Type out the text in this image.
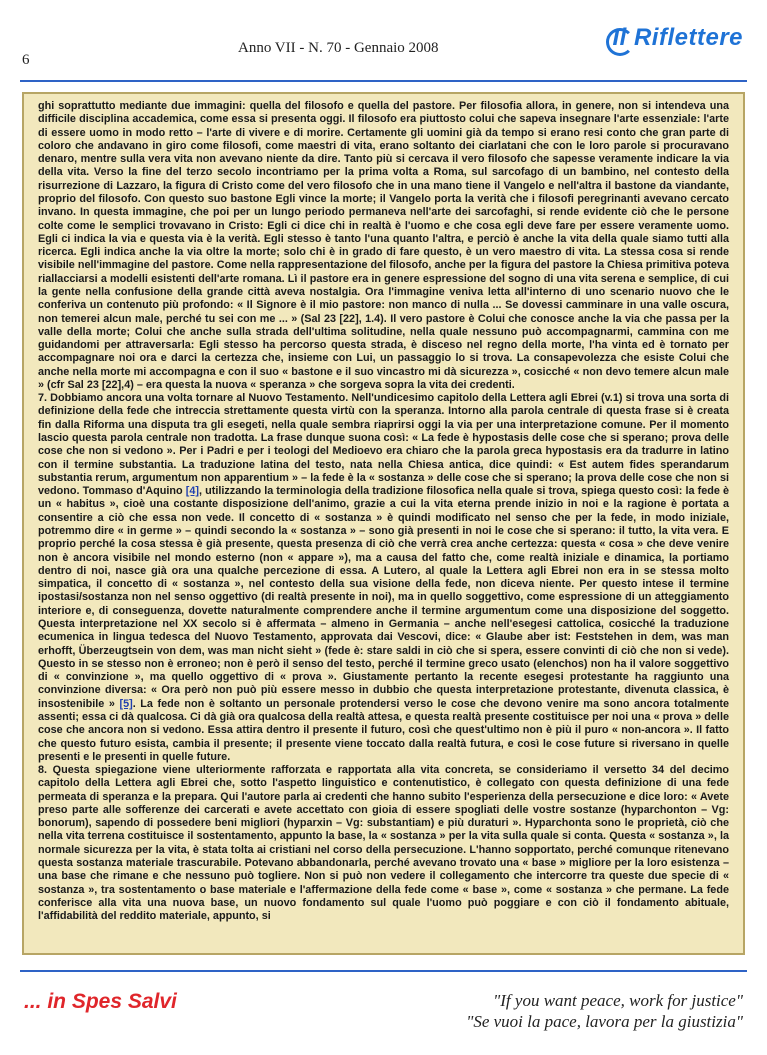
6
Anno VII - N. 70 - Gennaio 2008	Il Riflettere

ghi soprattutto mediante due immagini: quella del filosofo e quella del pastore. Per filosofia allora, in genere, non si intendeva una difficile disciplina accademica, come essa si presenta oggi. Il filosofo era piuttosto colui che sapeva insegnare l'arte essenziale: l'arte di essere uomo in modo retto – l'arte di vivere e di morire. Certamente gli uomini già da tempo si erano resi conto che gran parte di coloro che andavano in giro come filosofi, come maestri di vita, erano soltanto dei ciarlatani che con le loro parole si procuravano denaro, mentre sulla vera vita non avevano niente da dire. Tanto più si cercava il vero filosofo che sapesse veramente indicare la via della vita. Verso la fine del terzo secolo incontriamo per la prima volta a Roma, sul sarcofago di un bambino, nel contesto della risurrezione di Lazzaro, la figura di Cristo come del vero filosofo che in una mano tiene il Vangelo e nell'altra il bastone da viandante, proprio del filosofo. Con questo suo bastone Egli vince la morte; il Vangelo porta la verità che i filosofi peregrinanti avevano cercato invano. In questa immagine, che poi per un lungo periodo permaneva nell'arte dei sarcofaghi, si rende evidente ciò che le persone colte come le semplici trovavano in Cristo: Egli ci dice chi in realtà è l'uomo e che cosa egli deve fare per essere veramente uomo. Egli ci indica la via e questa via è la verità. Egli stesso è tanto l'una quanto l'altra, e perciò è anche la vita della quale siamo tutti alla ricerca. Egli indica anche la via oltre la morte; solo chi è in grado di fare questo, è un vero maestro di vita. La stessa cosa si rende visibile nell'immagine del pastore. Come nella rappresentazione del filosofo, anche per la figura del pastore la Chiesa primitiva poteva riallacciarsi a modelli esistenti dell'arte romana. Lì il pastore era in genere espressione del sogno di una vita serena e semplice, di cui la gente nella confusione della grande città aveva nostalgia. Ora l'immagine veniva letta all'interno di uno scenario nuovo che le conferiva un contenuto più profondo: « Il Signore è il mio pastore: non manco di nulla ... Se dovessi camminare in una valle oscura, non temerei alcun male, perché tu sei con me ... » (Sal 23 [22], 1.4). Il vero pastore è Colui che conosce anche la via che passa per la valle della morte; Colui che anche sulla strada dell'ultima solitudine, nella quale nessuno può accompagnarmi, cammina con me guidandomi per attraversarla: Egli stesso ha percorso questa strada, è disceso nel regno della morte, l'ha vinta ed è tornato per accompagnare noi ora e darci la certezza che, insieme con Lui, un passaggio lo si trova. La consapevolezza che esiste Colui che anche nella morte mi accompagna e con il suo « bastone e il suo vincastro mi dà sicurezza », cosicché « non devo temere alcun male » (cfr Sal 23 [22],4) – era questa la nuova « speranza » che sorgeva sopra la vita dei credenti.

7. Dobbiamo ancora una volta tornare al Nuovo Testamento. Nell'undicesimo capitolo della Lettera agli Ebrei (v.1) si trova una sorta di definizione della fede che intreccia strettamente questa virtù con la speranza. Intorno alla parola centrale di questa frase si è creata fin dalla Riforma una disputa tra gli esegeti, nella quale sembra riaprirsi oggi la via per una interpretazione comune. Per il momento lascio questa parola centrale non tradotta. La frase dunque suona così: « La fede è hypostasis delle cose che si sperano; prova delle cose che non si vedono ». Per i Padri e per i teologi del Medioevo era chiaro che la parola greca hypostasis era da tradurre in latino con il termine substantia. La traduzione latina del testo, nata nella Chiesa antica, dice quindi: « Est autem fides sperandarum substantia rerum, argumentum non apparentium » – la fede è la « sostanza » delle cose che si sperano; la prova delle cose che non si vedono. Tommaso d'Aquino [4], utilizzando la terminologia della tradizione filosofica nella quale si trova, spiega questo così: la fede è un « habitus », cioè una costante disposizione dell'animo, grazie a cui la vita eterna prende inizio in noi e la ragione è portata a consentire a ciò che essa non vede. Il concetto di « sostanza » è quindi modificato nel senso che per la fede, in modo iniziale, potremmo dire « in germe » – quindi secondo la « sostanza » – sono già presenti in noi le cose che si sperano: il tutto, la vita vera. E proprio perché la cosa stessa è già presente, questa presenza di ciò che verrà crea anche certezza: questa « cosa » che deve venire non è ancora visibile nel mondo esterno (non « appare »), ma a causa del fatto che, come realtà iniziale e dinamica, la portiamo dentro di noi, nasce già ora una qualche percezione di essa. A Lutero, al quale la Lettera agli Ebrei non era in se stessa molto simpatica, il concetto di « sostanza », nel contesto della sua visione della fede, non diceva niente. Per questo intese il termine ipostasi/sostanza non nel senso oggettivo (di realtà presente in noi), ma in quello soggettivo, come espressione di un atteggiamento interiore e, di conseguenza, dovette naturalmente comprendere anche il termine argumentum come una disposizione del soggetto. Questa interpretazione nel XX secolo si è affermata – almeno in Germania – anche nell'esegesi cattolica, cosicché la traduzione ecumenica in lingua tedesca del Nuovo Testamento, approvata dai Vescovi, dice: « Glaube aber ist: Feststehen in dem, was man erhofft, Überzeugtsein von dem, was man nicht sieht » (fede è: stare saldi in ciò che si spera, essere convinti di ciò che non si vede). Questo in se stesso non è erroneo; non è però il senso del testo, perché il termine greco usato (elenchos) non ha il valore soggettivo di « convinzione », ma quello oggettivo di « prova ». Giustamente pertanto la recente esegesi protestante ha raggiunto una convinzione diversa: « Ora però non può più essere messo in dubbio che questa interpretazione protestante, divenuta classica, è insostenibile » [5]. La fede non è soltanto un personale protendersi verso le cose che devono venire ma sono ancora totalmente assenti; essa ci dà qualcosa. Ci dà già ora qualcosa della realtà attesa, e questa realtà presente costituisce per noi una « prova » delle cose che ancora non si vedono. Essa attira dentro il presente il futuro, così che quest'ultimo non è più il puro « non-ancora ». Il fatto che questo futuro esista, cambia il presente; il presente viene toccato dalla realtà futura, e così le cose future si riversano in quelle presenti e le presenti in quelle future.

8. Questa spiegazione viene ulteriormente rafforzata e rapportata alla vita concreta, se consideriamo il versetto 34 del decimo capitolo della Lettera agli Ebrei che, sotto l'aspetto linguistico e contenutistico, è collegato con questa definizione di una fede permeata di speranza e la prepara. Qui l'autore parla ai credenti che hanno subito l'esperienza della persecuzione e dice loro: « Avete preso parte alle sofferenze dei carcerati e avete accettato con gioia di essere spogliati delle vostre sostanze (hyparchonton – Vg: bonorum), sapendo di possedere beni migliori (hyparxin – Vg: substantiam) e più duraturi ». Hyparchonta sono le proprietà, ciò che nella vita terrena costituisce il sostentamento, appunto la base, la « sostanza » per la vita sulla quale si conta. Questa « sostanza », la normale sicurezza per la vita, è stata tolta ai cristiani nel corso della persecuzione. L'hanno sopportato, perché comunque ritenevano questa sostanza materiale trascurabile. Potevano abbandonarla, perché avevano trovato una « base » migliore per la loro esistenza – una base che rimane e che nessuno può togliere. Non si può non vedere il collegamento che intercorre tra queste due specie di « sostanza », tra sostentamento o base materiale e l'affermazione della fede come « base », come « sostanza » che permane. La fede conferisce alla vita una nuova base, un nuovo fondamento sul quale l'uomo può poggiare e con ciò il fondamento abituale, l'affidabilità del reddito materiale, appunto, si

... in Spes Salvi	"If you want peace, work for justice"
"Se vuoi la pace, lavora per la giustizia"
